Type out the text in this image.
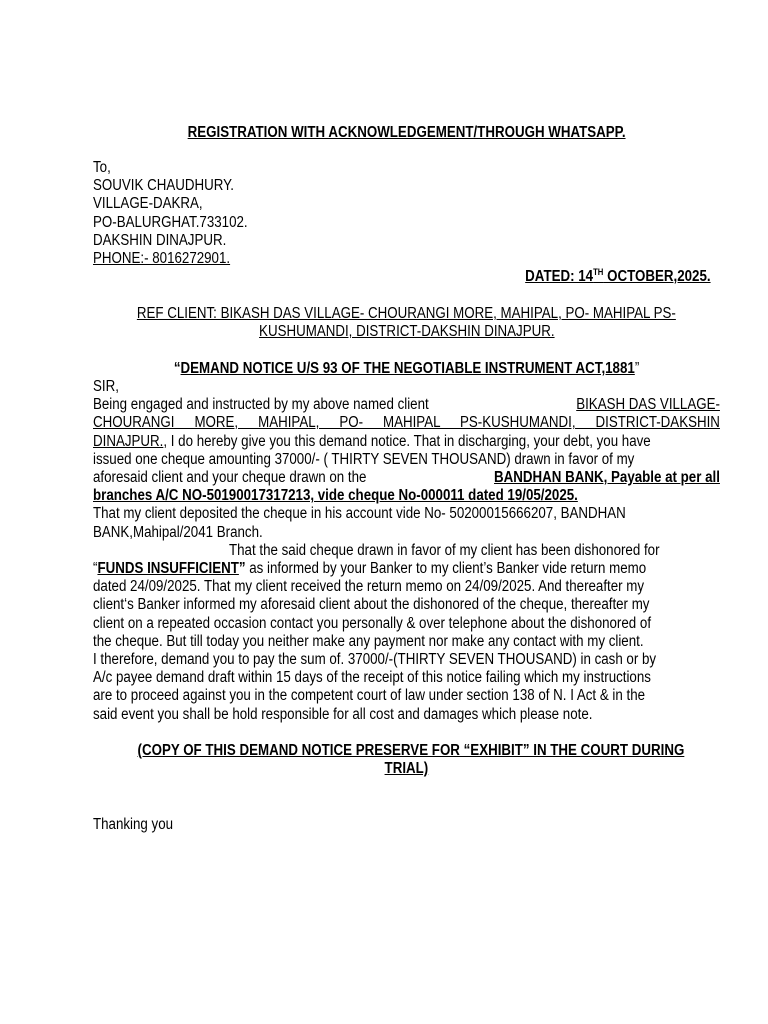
REGISTRATION WITH ACKNOWLEDGEMENT/THROUGH WHATSAPP.
To,
SOUVIK CHAUDHURY.
VILLAGE-DAKRA,
PO-BALURGHAT.733102.
DAKSHIN DINAJPUR.
PHONE:- 8016272901.
DATED: 14TH OCTOBER,2025.
REF CLIENT: BIKASH DAS VILLAGE- CHOURANGI MORE, MAHIPAL, PO- MAHIPAL PS-
KUSHUMANDI, DISTRICT-DAKSHIN DINAJPUR.
“DEMAND NOTICE U/S 93 OF THE NEGOTIABLE INSTRUMENT ACT,1881”
SIR,
Being engaged and instructed by my above named client	BIKASH DAS VILLAGE-
CHOURANGI MORE, MAHIPAL, PO- MAHIPAL PS-KUSHUMANDI, DISTRICT-DAKSHIN
DINAJPUR., I do hereby give you this demand notice. That in discharging, your debt, you have
issued one cheque amounting 37000/- ( THIRTY SEVEN THOUSAND) drawn in favor of my
aforesaid client and your cheque drawn on the	BANDHAN BANK, Payable at per all
branches A/C NO-50190017317213, vide cheque No-000011 dated 19/05/2025.
That my client deposited the cheque in his account vide No- 50200015666207, BANDHAN
BANK,Mahipal/2041 Branch.
That the said cheque drawn in favor of my client has been dishonored for
“FUNDS INSUFFICIENT” as informed by your Banker to my client’s Banker vide return memo
dated 24/09/2025. That my client received the return memo on 24/09/2025. And thereafter my
client‘s Banker informed my aforesaid client about the dishonored of the cheque, thereafter my
client on a repeated occasion contact you personally & over telephone about the dishonored of
the cheque. But till today you neither make any payment nor make any contact with my client.
I therefore, demand you to pay the sum of. 37000/-(THIRTY SEVEN THOUSAND) in cash or by
A/c payee demand draft within 15 days of the receipt of this notice failing which my instructions
are to proceed against you in the competent court of law under section 138 of N. I Act & in the
said event you shall be hold responsible for all cost and damages which please note.
(COPY OF THIS DEMAND NOTICE PRESERVE FOR “EXHIBIT” IN THE COURT DURING
TRIAL)
Thanking you
